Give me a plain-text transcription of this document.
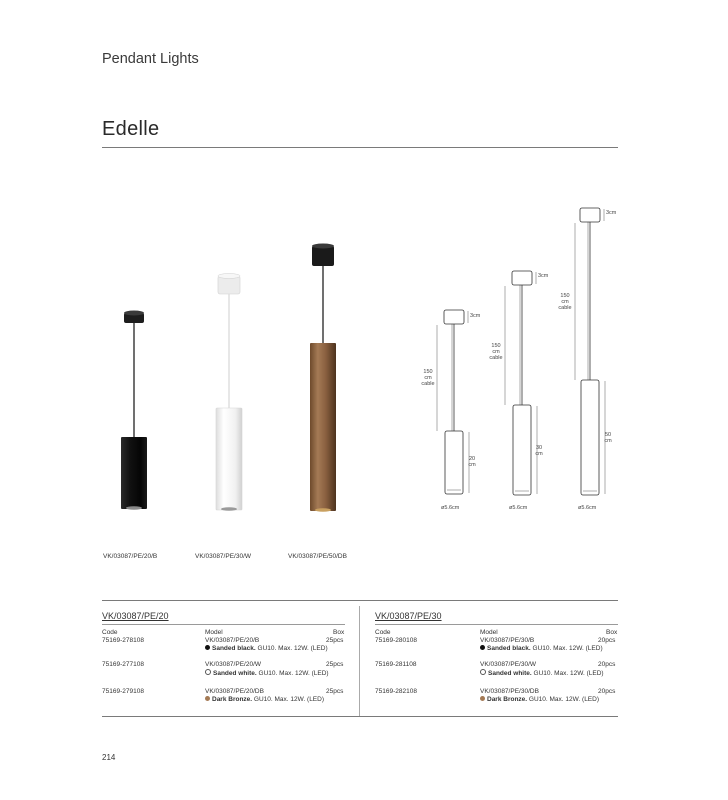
Pendant Lights
Edelle
VK/03087/PE/20/B	VK/03087/PE/30/W	VK/03087/PE/50/DB
3cm
150
cm
cable
20
cm
ø5.6cm
3cm
150
cm
cable
30
cm
ø5.6cm
3cm
150
cm
cable
50
cm
ø5.6cm
VK/03087/PE/20
Code	Model	Box
75169-278108	VK/03087/PE/20/B	25pcs
Sanded black. GU10. Max. 12W. (LED)
75169-277108	VK/03087/PE/20/W	25pcs
Sanded white. GU10. Max. 12W. (LED)
75169-279108	VK/03087/PE/20/DB	25pcs
Dark Bronze. GU10. Max. 12W. (LED)
VK/03087/PE/30
Code	Model	Box
75169-280108	VK/03087/PE/30/B	20pcs
Sanded black. GU10. Max. 12W. (LED)
75169-281108	VK/03087/PE/30/W	20pcs
Sanded white. GU10. Max. 12W. (LED)
75169-282108	VK/03087/PE/30/DB	20pcs
Dark Bronze. GU10. Max. 12W. (LED)
214
